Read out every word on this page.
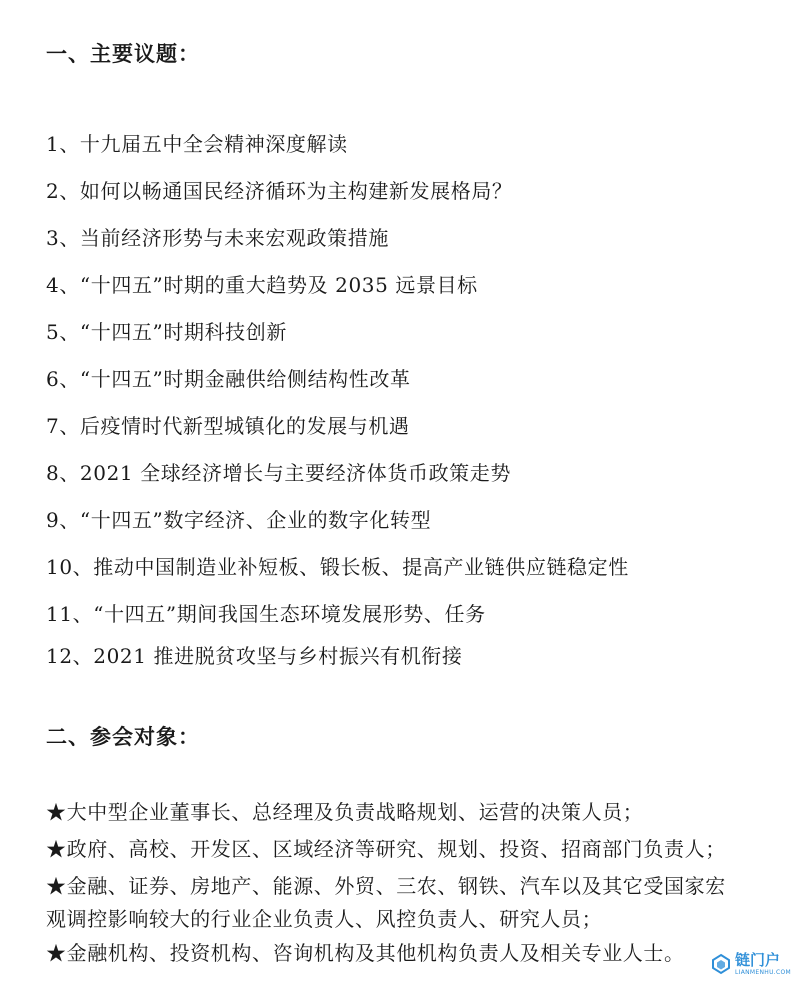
一、主要议题：
1、十九届五中全会精神深度解读
2、如何以畅通国民经济循环为主构建新发展格局？
3、当前经济形势与未来宏观政策措施
4、“十四五”时期的重大趋势及 2035 远景目标
5、“十四五”时期科技创新
6、“十四五”时期金融供给侧结构性改革
7、后疫情时代新型城镇化的发展与机遇
8、2021 全球经济增长与主要经济体货币政策走势
9、“十四五”数字经济、企业的数字化转型
10、推动中国制造业补短板、锻长板、提高产业链供应链稳定性
11、“十四五”期间我国生态环境发展形势、任务
12、2021 推进脱贫攻坚与乡村振兴有机衔接
二、参会对象：
★大中型企业董事长、总经理及负责战略规划、运营的决策人员；
★政府、高校、开发区、区域经济等研究、规划、投资、招商部门负责人；
★金融、证券、房地产、能源、外贸、三农、钢铁、汽车以及其它受国家宏
观调控影响较大的行业企业负责人、风控负责人、研究人员；
★金融机构、投资机构、咨询机构及其他机构负责人及相关专业人士。	链门户
LIANMENHU.COM
